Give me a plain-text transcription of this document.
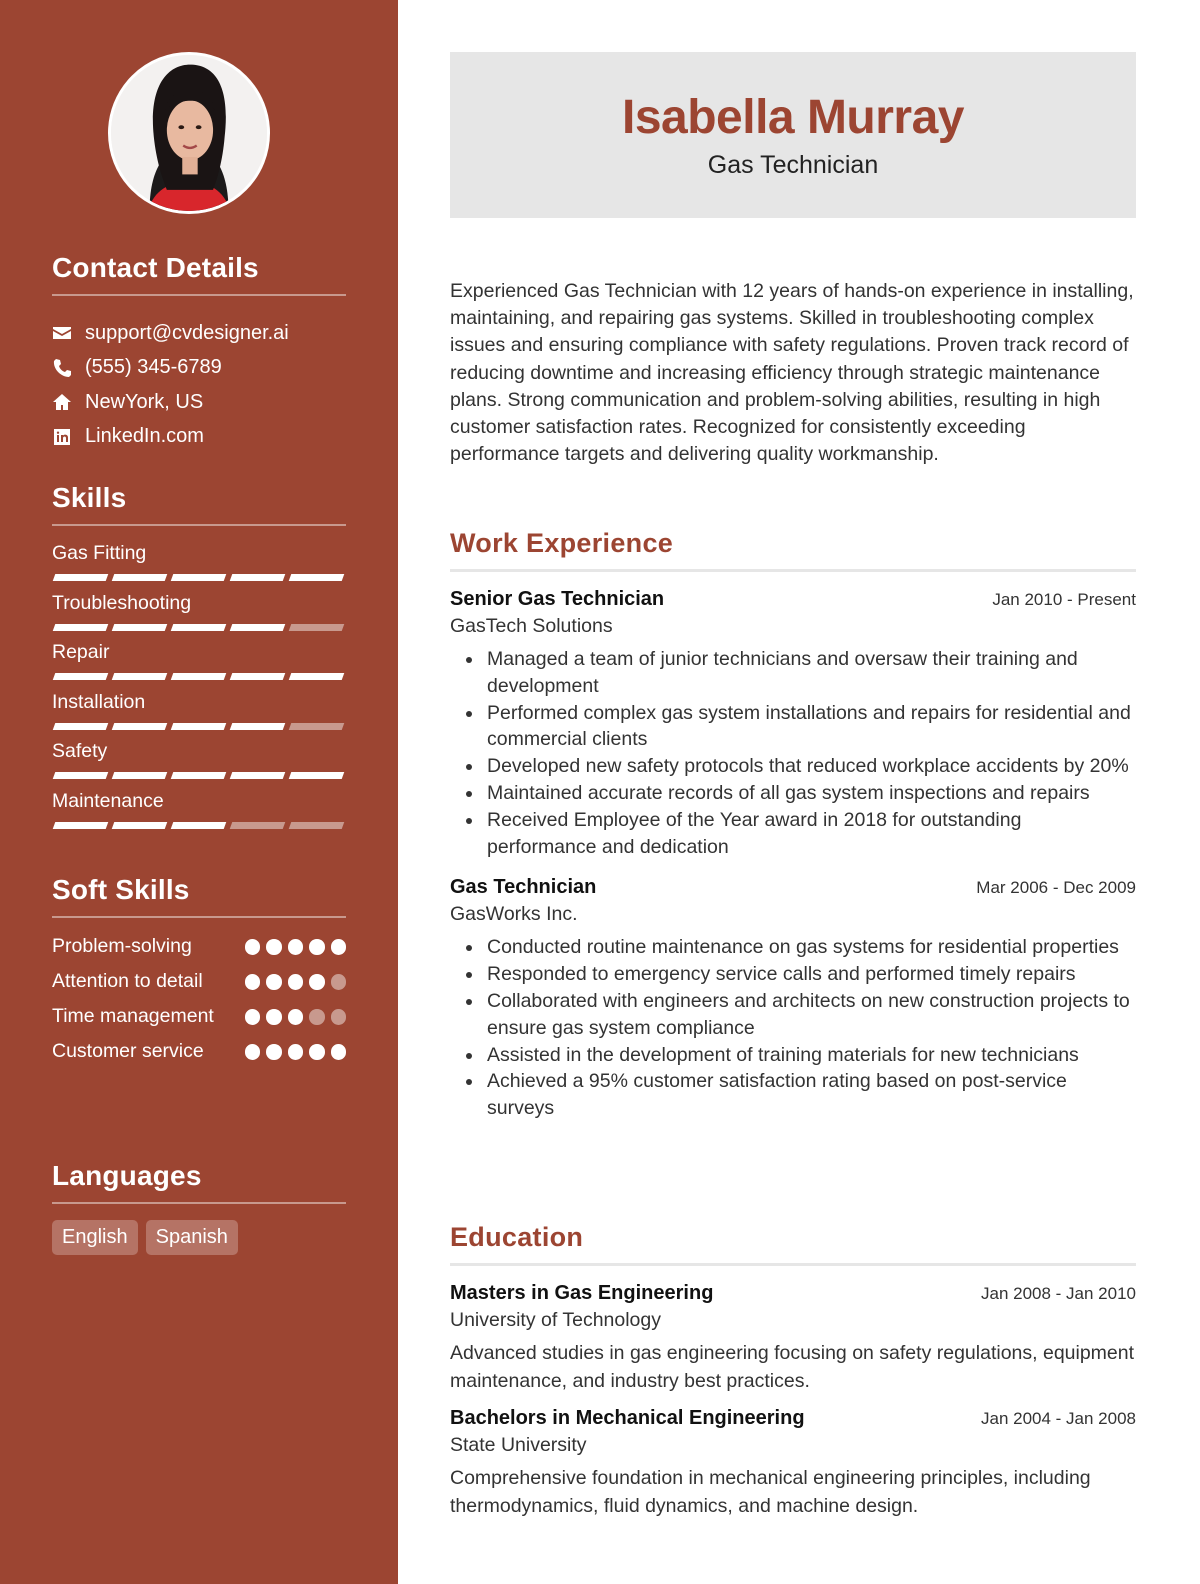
Contact Details
support@cvdesigner.ai
(555) 345-6789
NewYork, US
LinkedIn.com
Skills
Gas Fitting
Troubleshooting
Repair
Installation
Safety
Maintenance
Soft Skills
Problem-solving
Attention to detail
Time management
Customer service
Languages
English	Spanish
Isabella Murray
Gas Technician

Experienced Gas Technician with 12 years of hands-on experience in installing, maintaining, and repairing gas systems. Skilled in troubleshooting complex issues and ensuring compliance with safety regulations. Proven track record of reducing downtime and increasing efficiency through strategic maintenance plans. Strong communication and problem-solving abilities, resulting in high customer satisfaction rates. Recognized for consistently exceeding performance targets and delivering quality workmanship.

Work Experience
Senior Gas Technician	Jan 2010 - Present
GasTech Solutions
Managed a team of junior technicians and oversaw their training and development
Performed complex gas system installations and repairs for residential and commercial clients
Developed new safety protocols that reduced workplace accidents by 20%
Maintained accurate records of all gas system inspections and repairs
Received Employee of the Year award in 2018 for outstanding performance and dedication
Gas Technician	Mar 2006 - Dec 2009
GasWorks Inc.
Conducted routine maintenance on gas systems for residential properties
Responded to emergency service calls and performed timely repairs
Collaborated with engineers and architects on new construction projects to ensure gas system compliance
Assisted in the development of training materials for new technicians
Achieved a 95% customer satisfaction rating based on post-service surveys
Education
Masters in Gas Engineering	Jan 2008 - Jan 2010
University of Technology

Advanced studies in gas engineering focusing on safety regulations, equipment maintenance, and industry best practices.

Bachelors in Mechanical Engineering	Jan 2004 - Jan 2008
State University

Comprehensive foundation in mechanical engineering principles, including thermodynamics, fluid dynamics, and machine design.
